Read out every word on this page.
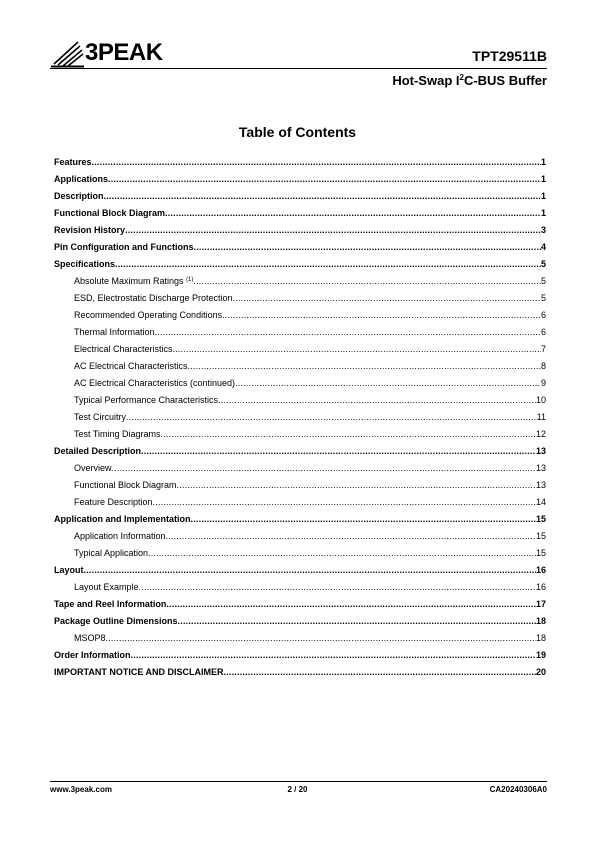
3PEAK	TPT29511B
Hot-Swap $I^2C$-BUS Buffer
Table of Contents
Features .....	1
Applications .....	1
Description .....	1
Functional Block Diagram .....	1
Revision History .....	3
Pin Configuration and Functions .....	4
Specifications .....	5
Absolute Maximum Ratings $^{(1)}$ .....	5
ESD, Electrostatic Discharge Protection .....	5
Recommended Operating Conditions .....	6
Thermal Information .....	6
Electrical Characteristics .....	7
AC Electrical Characteristics .....	8
AC Electrical Characteristics (continued) .....	9
Typical Performance Characteristics .....	10
Test Circuitry .....	11
Test Timing Diagrams .....	12
Detailed Description .....	13
Overview .....	13
Functional Block Diagram .....	13
Feature Description .....	14
Application and Implementation .....	15
Application Information .....	15
Typical Application .....	15
Layout .....	16
Layout Example .....	16
Tape and Reel Information .....	17
Package Outline Dimensions .....	18
MSOP8 .....	18
Order Information .....	19
IMPORTANT NOTICE AND DISCLAIMER .....	20
www.3peak.com	2 / 20	CA20240306A0
